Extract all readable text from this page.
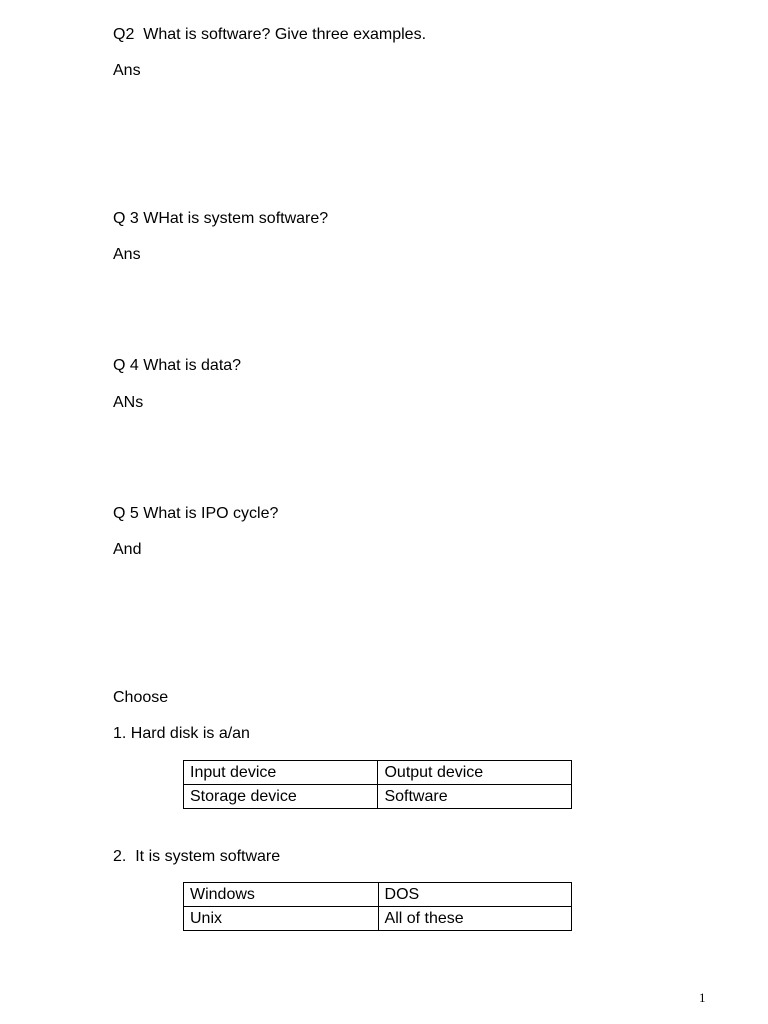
Q2  What is software? Give three examples.
Ans
Q 3 WHat is system software?
Ans
Q 4 What is data?
ANs
Q 5 What is IPO cycle?
And
Choose
1. Hard disk is a/an
Input device	Output device
Storage device	Software
2.  It is system software
Windows	DOS
Unix	All of these
1
